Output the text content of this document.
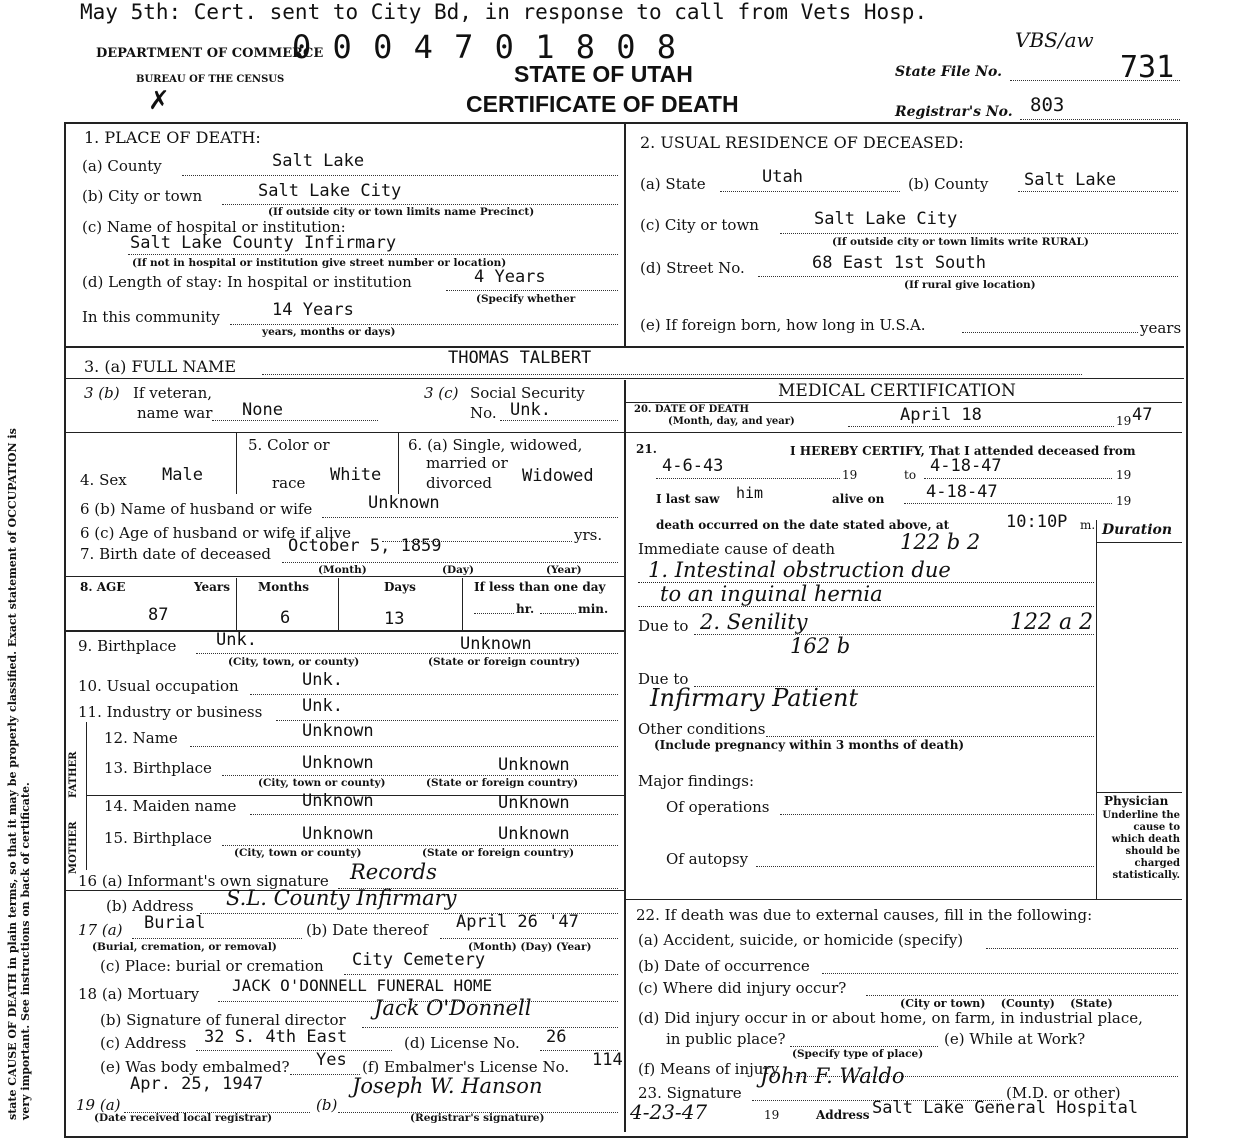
May 5th: Cert. sent to City Bd, in response to call from Vets Hosp.
DEPARTMENT OF COMMERCE
BUREAU OF THE CENSUS
✗
0 0 0 4 7 0 1 8 0 8
STATE OF UTAH
CERTIFICATE OF DEATH
VBS/aw
State File No.	731
Registrar's No. 803
state CAUSE OF DEATH in plain terms, so that it may be properly classified. Exact statement of OCCUPATION is very important. See instructions on back of certificate.
1. PLACE OF DEATH:
(a) County	Salt Lake
(b) City or town	Salt Lake City
(If outside city or town limits name Precinct)
(c) Name of hospital or institution:
Salt Lake County Infirmary
(If not in hospital or institution give street number or location)
(d) Length of stay: In hospital or institution	4 Years
(Specify whether
In this community	14 Years
years, months or days)
2. USUAL RESIDENCE OF DECEASED:
(a) State	Utah	(b) County Salt Lake
(c) City or town	Salt Lake City
(If outside city or town limits write RURAL)
(d) Street No.	68 East 1st South
(If rural give location)
(e) If foreign born, how long in U.S.A.	years
3. (a) FULL NAME	THOMAS TALBERT
3 (b) If veteran,
name war None
3 (c) Social Security
No. Unk.
4. Sex Male
5. Color or
race White
6. (a) Single, widowed,
married or
divorced Widowed
6 (b) Name of husband or wife	Unknown
6 (c) Age of husband or wife if alive	yrs.
7. Birth date of deceased October 5, 1859
(Month)	(Day)	(Year)
8. AGE	Years Months	Days	If less than one day
87	6	13	hr.	min.
9. Birthplace Unk.	Unknown
(City, town, or county)	(State or foreign country)
10. Usual occupation	Unk.
11. Industry or business Unk.
FATHER
MOTHER
12. Name	Unknown
13. Birthplace	Unknown	Unknown
(City, town or county)	(State or foreign country)
14. Maiden name	Unknown	Unknown
15. Birthplace	Unknown	Unknown
(City, town or county)	(State or foreign country)
16 (a) Informant's own signature Records
(b) Address S.L. County Infirmary
17 (a) Burial
(Burial, cremation, or removal)
(b) Date thereof April 26 '47
(Month) (Day) (Year)
(c) Place: burial or cremation City Cemetery
18 (a) Mortuary JACK O'DONNELL FUNERAL HOME
(b) Signature of funeral director Jack O'Donnell
(c) Address 32 S. 4th East	(d) License No. 26
(e) Was body embalmed? Yes (f) Embalmer's License No. 114
19 (a)
Apr. 25, 1947
(Date received local registrar)
(b)
Joseph W. Hanson
(Registrar's signature)
MEDICAL CERTIFICATION
20. DATE OF DEATH
(Month, day, and year)	April 18	19 47
21.	I HEREBY CERTIFY, That I attended deceased from
4-6-43	19	to 4-18-47	19
I last saw him	alive on 4-18-47	19
death occurred on the date stated above, at	10:10P m. Duration
Immediate cause of death	122 b 2
1. Intestinal obstruction due
to an inguinal hernia
Due to 2. Senility	122 a 2
162 b
Due to
Infirmary Patient
Other conditions
(Include pregnancy within 3 months of death)
Major findings:
Of operations
Of autopsy
Physician
Underline the cause to which death should be charged statistically.
22. If death was due to external causes, fill in the following:
(a) Accident, suicide, or homicide (specify)
(b) Date of occurrence
(c) Where did injury occur?
(City or town)    (County)    (State)
(d) Did injury occur in or about home, on farm, in industrial place,
in public place?
(Specify type of place)
(e) While at Work?
(f) Means of injury
23. Signature
John F. Waldo
(M.D. or other)
4-23-47	19	Address Salt Lake General Hospital
